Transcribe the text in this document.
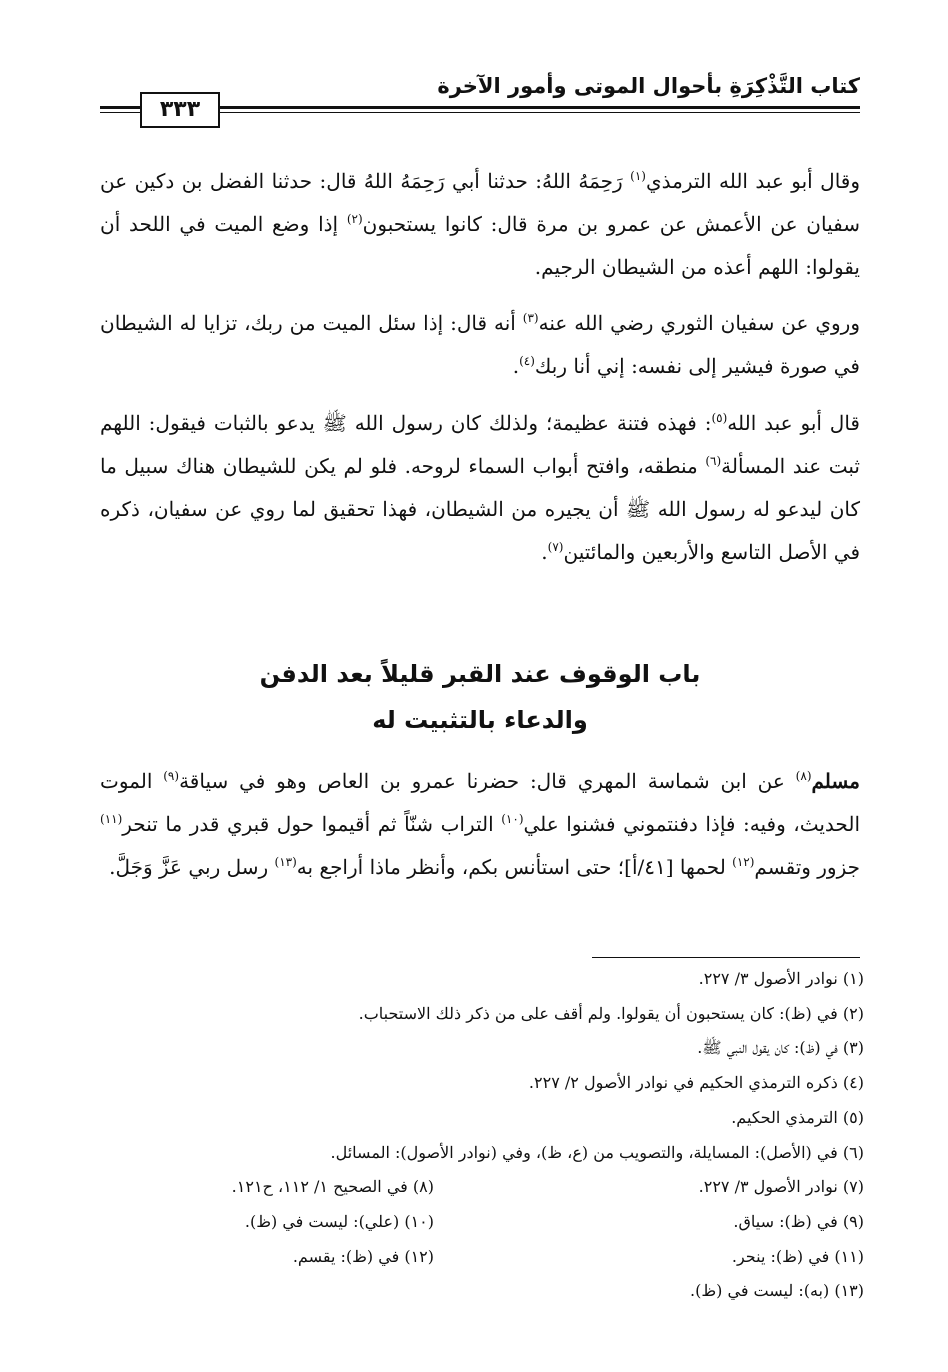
كتاب التَّذْكِرَةِ بأحوال الموتى وأمور الآخرة
٣٣٣

وقال أبو عبد الله الترمذي$^{(١)}$ رَحِمَهُ اللهُ: حدثنا أبي رَحِمَهُ اللهُ قال: حدثنا الفضل بن دكين عن سفيان عن الأعمش عن عمرو بن مرة قال: كانوا يستحبون$^{(٢)}$ إذا وضع الميت في اللحد أن يقولوا: اللهم أعذه من الشيطان الرجيم.

وروي عن سفيان الثوري رضي الله عنه$^{(٣)}$ أنه قال: إذا سئل الميت من ربك، تزايا له الشيطان في صورة فيشير إلى نفسه: إني أنا ربك$^{(٤)}$.

قال أبو عبد الله$^{(٥)}$: فهذه فتنة عظيمة؛ ولذلك كان رسول الله ﷺ يدعو بالثبات فيقول: اللهم ثبت عند المسألة$^{(٦)}$ منطقه، وافتح أبواب السماء لروحه. فلو لم يكن للشيطان هناك سبيل ما كان ليدعو له رسول الله ﷺ أن يجيره من الشيطان، فهذا تحقيق لما روي عن سفيان، ذكره في الأصل التاسع والأربعين والمائتين$^{(٧)}$.

باب الوقوف عند القبر قليلاً بعد الدفن
والدعاء بالتثبيت له

مسلم$^{(٨)}$ عن ابن شماسة المهري قال: حضرنا عمرو بن العاص وهو في سياقة$^{(٩)}$ الموت الحديث، وفيه: فإذا دفنتموني فشنوا علي$^{(١٠)}$ التراب شنّاً ثم أقيموا حول قبري قدر ما تنحر$^{(١١)}$ جزور وتقسم$^{(١٢)}$ لحمها [٤١/أ]؛ حتى استأنس بكم، وأنظر ماذا أراجع به$^{(١٣)}$ رسل ربي عَزَّ وَجَلَّ.

(١) نوادر الأصول ٣/ ٢٢٧.
(٢) في (ظ): كان يستحبون أن يقولوا. ولم أقف على من ذكر ذلك الاستحباب.
(٣) في (ظ): كان يقول النبي ﷺ.
(٤) ذكره الترمذي الحكيم في نوادر الأصول ٢/ ٢٢٧.
(٥) الترمذي الحكيم.
(٦) في (الأصل): المسايلة، والتصويب من (ع، ظ)، وفي (نوادر الأصول): المسائل.
(٧) نوادر الأصول ٣/ ٢٢٧.
(٨) في الصحيح ١/ ١١٢، ح١٢١.
(٩) في (ظ): سياق.
(١٠) (علي): ليست في (ظ).
(١١) في (ظ): ينحر.
(١٢) في (ظ): يقسم.
(١٣) (به): ليست في (ظ).
